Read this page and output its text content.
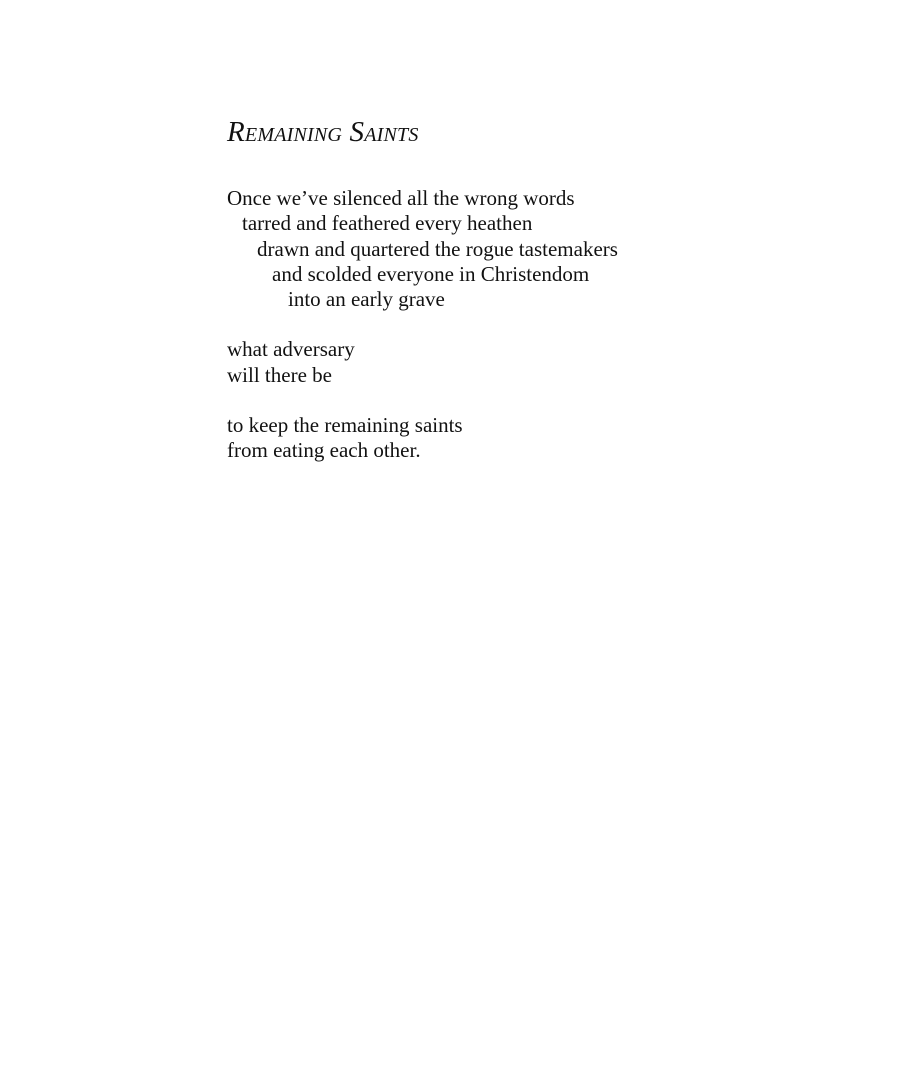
Remaining Saints
Once we’ve silenced all the wrong words
tarred and feathered every heathen
drawn and quartered the rogue tastemakers
and scolded everyone in Christendom
into an early grave
what adversary
will there be
to keep the remaining saints
from eating each other.
